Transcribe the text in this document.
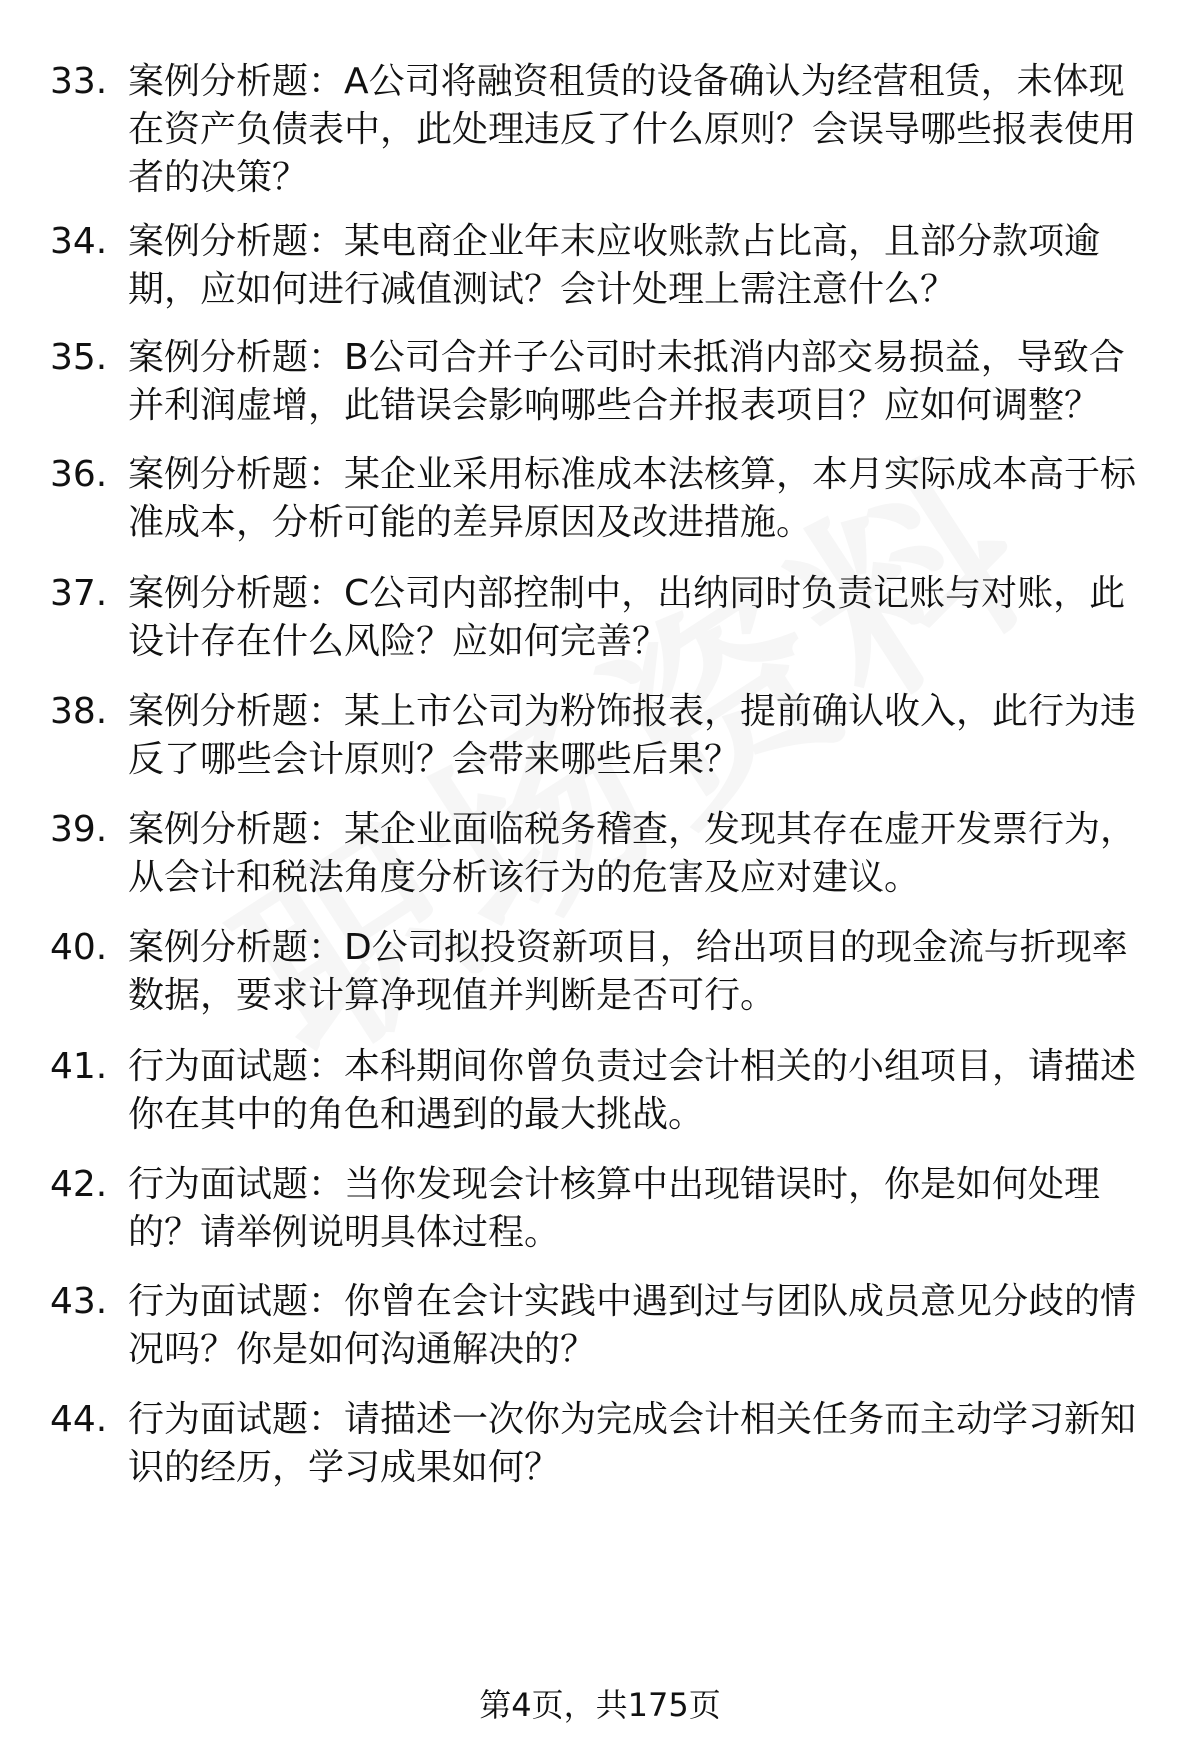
33. 案例分析题：A公司将融资租赁的设备确认为经营租赁，未体现在资产负债表中，此处理违反了什么原则？会误导哪些报表使用者的决策？
34. 案例分析题：某电商企业年末应收账款占比高，且部分款项逾期，应如何进行减值测试？会计处理上需注意什么？
35. 案例分析题：B公司合并子公司时未抵消内部交易损益，导致合并利润虚增，此错误会影响哪些合并报表项目？应如何调整？
36. 案例分析题：某企业采用标准成本法核算，本月实际成本高于标准成本，分析可能的差异原因及改进措施。
37. 案例分析题：C公司内部控制中，出纳同时负责记账与对账，此设计存在什么风险？应如何完善？
38. 案例分析题：某上市公司为粉饰报表，提前确认收入，此行为违反了哪些会计原则？会带来哪些后果？
39. 案例分析题：某企业面临税务稽查，发现其存在虚开发票行为，从会计和税法角度分析该行为的危害及应对建议。
40. 案例分析题：D公司拟投资新项目，给出项目的现金流与折现率数据，要求计算净现值并判断是否可行。
41. 行为面试题：本科期间你曾负责过会计相关的小组项目，请描述你在其中的角色和遇到的最大挑战。
42. 行为面试题：当你发现会计核算中出现错误时，你是如何处理的？请举例说明具体过程。
43. 行为面试题：你曾在会计实践中遇到过与团队成员意见分歧的情况吗？你是如何沟通解决的？
44. 行为面试题：请描述一次你为完成会计相关任务而主动学习新知识的经历，学习成果如何？
第4页，共175页
